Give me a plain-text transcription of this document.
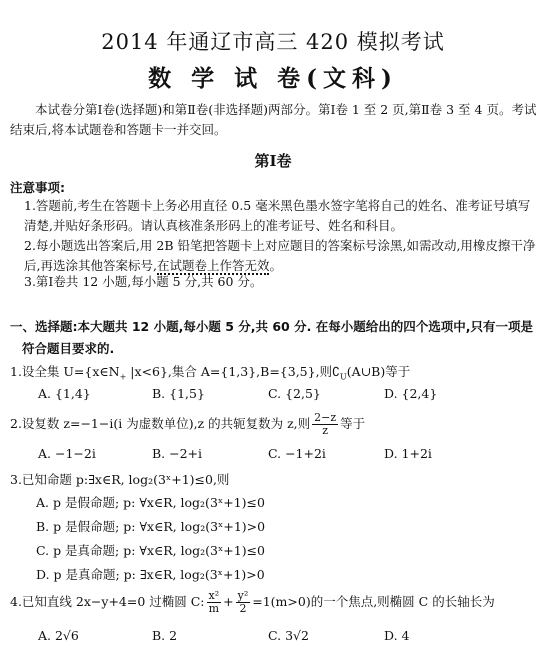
2014 年通辽市高三 420 模拟考试
数 学 试 卷(文科)
本试卷分第Ⅰ卷(选择题)和第Ⅱ卷(非选择题)两部分。第Ⅰ卷 1 至 2 页,第Ⅱ卷 3 至 4 页。考试结束后,将本试题卷和答题卡一并交回。
第Ⅰ卷
注意事项:
1.答题前,考生在答题卡上务必用直径 0.5 毫米黑色墨水签字笔将自己的姓名、准考证号填写清楚,并贴好条形码。请认真核准条形码上的准考证号、姓名和科目。
2.每小题选出答案后,用 2B 铅笔把答题卡上对应题目的答案标号涂黑,如需改动,用橡皮擦干净后,再选涂其他答案标号,在试题卷上作答无效。
3.第Ⅰ卷共 12 小题,每小题 5 分,共 60 分。
一、选择题:本大题共 12 小题,每小题 5 分,共 60 分. 在每小题给出的四个选项中,只有一项是
符合题目要求的.
1.设全集 $U=\{x\in N_+$ |x<6},集合 A={1,3},B={3,5},则$∁_U(A\cup B)$等于
A. {1,4}	B. {1,5}	C. {2,5}	D. {2,4}
2.设复数 z=−1−i(i 为虚数单位),z 的共轭复数为 z,则 $\frac{2-z}{z}$ 等于
A. −1−2i	B. −2+i	C. −1+2i	D. 1+2i
3.已知命题 p:∃x∈R, log₂(3ˣ+1)≤0,则
A. p 是假命题; p: ∀x∈R, log₂(3ˣ+1)≤0
B. p 是假命题; p: ∀x∈R, log₂(3ˣ+1)>0
C. p 是真命题; p: ∀x∈R, log₂(3ˣ+1)≤0
D. p 是真命题; p: ∃x∈R, log₂(3ˣ+1)>0
4.已知直线 2x−y+4=0 过椭圆 C: $\frac{\text{x²}}{m} + \frac{\text{y²}}{2} =1(m>0)$的一个焦点,则椭圆 C 的长轴长为
A. 2√6	B. 2	C. 3√2	D. 4
